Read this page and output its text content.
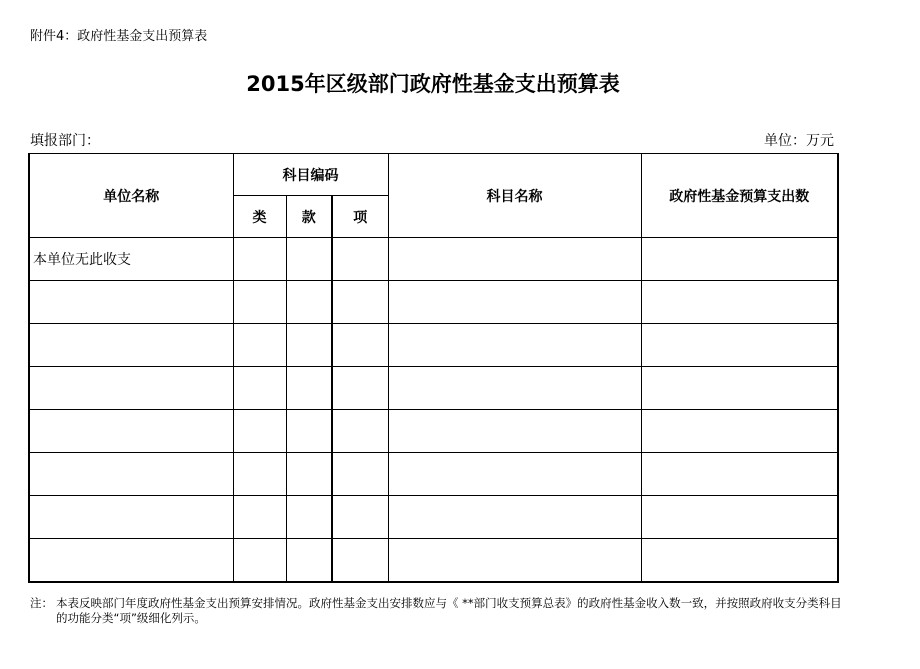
附件4：政府性基金支出预算表
2015年区级部门政府性基金支出预算表
填报部门：	单位：万元
单位名称	科目编码			科目名称	政府性基金预算支出数
	类	款	项		
本单位无此收支					

注： 本表反映部门年度政府性基金支出预算安排情况。政府性基金支出安排数应与《 **部门收支预算总表》的政府性基金收入数一致，并按照政府收支分类科目
的功能分类“项”级细化列示。
